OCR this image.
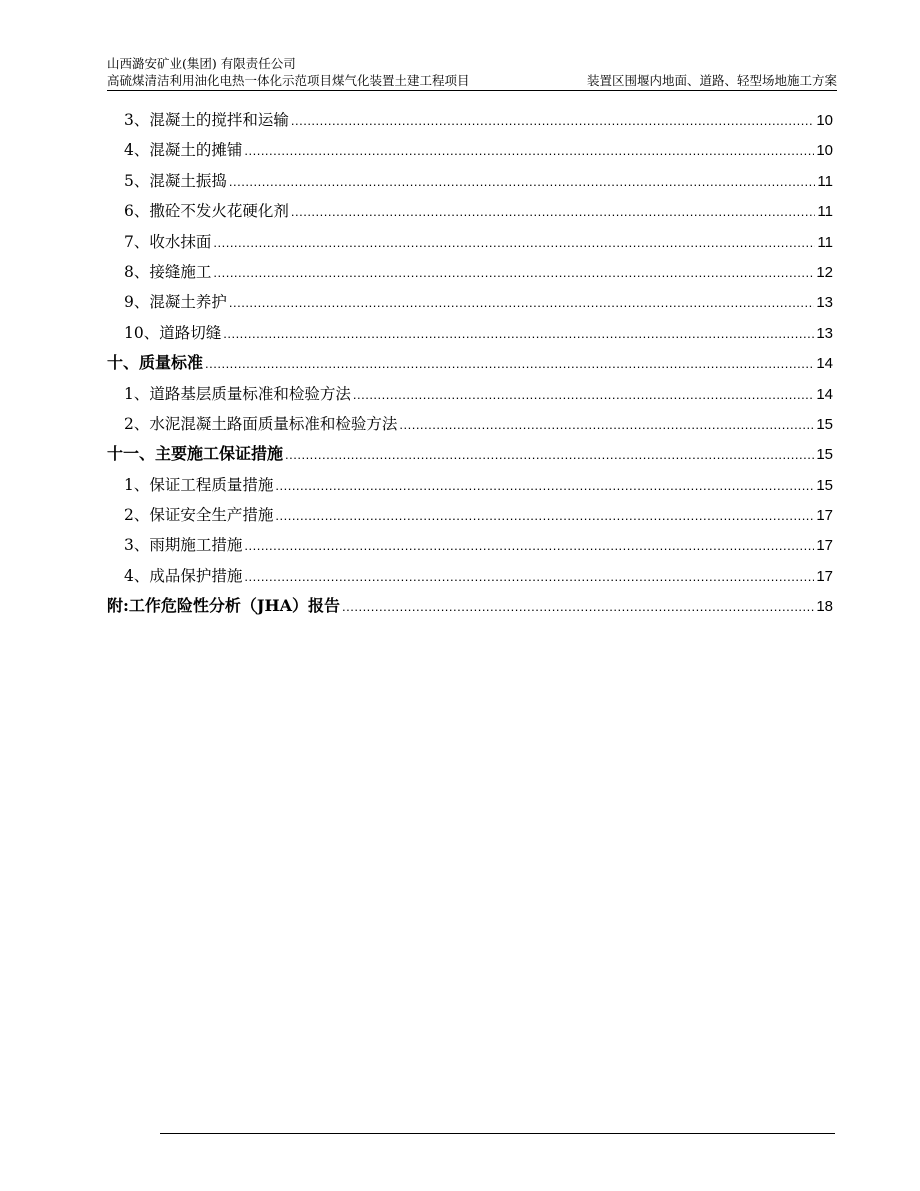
山西潞安矿业(集团) 有限责任公司
高硫煤清洁利用油化电热一体化示范项目煤气化装置土建工程项目	装置区围堰内地面、道路、轻型场地施工方案
3、混凝土的搅拌和运输 .....	10
4、混凝土的摊铺 .....	10
5、混凝土振捣 .....	11
6、撒砼不发火花硬化剂 .....	11
7、收水抹面 .....	11
8、接缝施工 .....	12
9、混凝土养护 .....	13
10、道路切缝 .....	13
十、质量标准 .....	14
1、道路基层质量标准和检验方法 .....	14
2、水泥混凝土路面质量标准和检验方法 .....	15
十一、主要施工保证措施 .....	15
1、保证工程质量措施 .....	15
2、保证安全生产措施 .....	17
3、雨期施工措施 .....	17
4、成品保护措施 .....	17
附:工作危险性分析（JHA）报告 .....	18
